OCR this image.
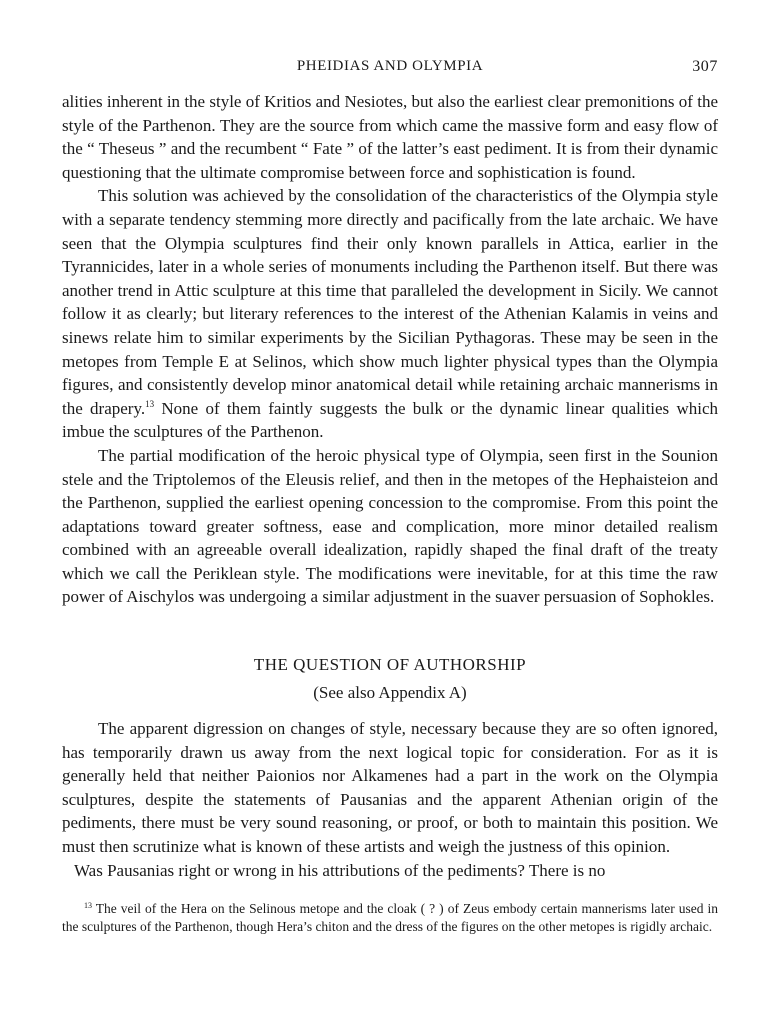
PHEIDIAS AND OLYMPIA	307

alities inherent in the style of Kritios and Nesiotes, but also the earliest clear premonitions of the style of the Parthenon. They are the source from which came the massive form and easy flow of the “ Theseus ” and the recumbent “ Fate ” of the latter’s east pediment. It is from their dynamic questioning that the ultimate compromise between force and sophistication is found.

This solution was achieved by the consolidation of the characteristics of the Olympia style with a separate tendency stemming more directly and pacifically from the late archaic. We have seen that the Olympia sculptures find their only known parallels in Attica, earlier in the Tyrannicides, later in a whole series of monuments including the Parthenon itself. But there was another trend in Attic sculpture at this time that paralleled the development in Sicily. We cannot follow it as clearly; but literary references to the interest of the Athenian Kalamis in veins and sinews relate him to similar experiments by the Sicilian Pythagoras. These may be seen in the metopes from Temple E at Selinos, which show much lighter physical types than the Olympia figures, and consistently develop minor anatomical detail while retaining archaic mannerisms in the drapery.$^{13}$ None of them faintly suggests the bulk or the dynamic linear qualities which imbue the sculptures of the Parthenon.

The partial modification of the heroic physical type of Olympia, seen first in the Sounion stele and the Triptolemos of the Eleusis relief, and then in the metopes of the Hephaisteion and the Parthenon, supplied the earliest opening concession to the compromise. From this point the adaptations toward greater softness, ease and complication, more minor detailed realism combined with an agreeable overall idealization, rapidly shaped the final draft of the treaty which we call the Periklean style. The modifications were inevitable, for at this time the raw power of Aischylos was undergoing a similar adjustment in the suaver persuasion of Sophokles.

THE QUESTION OF AUTHORSHIP
(See also Appendix A)

The apparent digression on changes of style, necessary because they are so often ignored, has temporarily drawn us away from the next logical topic for consideration. For as it is generally held that neither Paionios nor Alkamenes had a part in the work on the Olympia sculptures, despite the statements of Pausanias and the apparent Athenian origin of the pediments, there must be very sound reasoning, or proof, or both to maintain this position. We must then scrutinize what is known of these artists and weigh the justness of this opinion.

Was Pausanias right or wrong in his attributions of the pediments? There is no

$^{13}$ The veil of the Hera on the Selinous metope and the cloak ( ? ) of Zeus embody certain mannerisms later used in the sculptures of the Parthenon, though Hera’s chiton and the dress of the figures on the other metopes is rigidly archaic.
